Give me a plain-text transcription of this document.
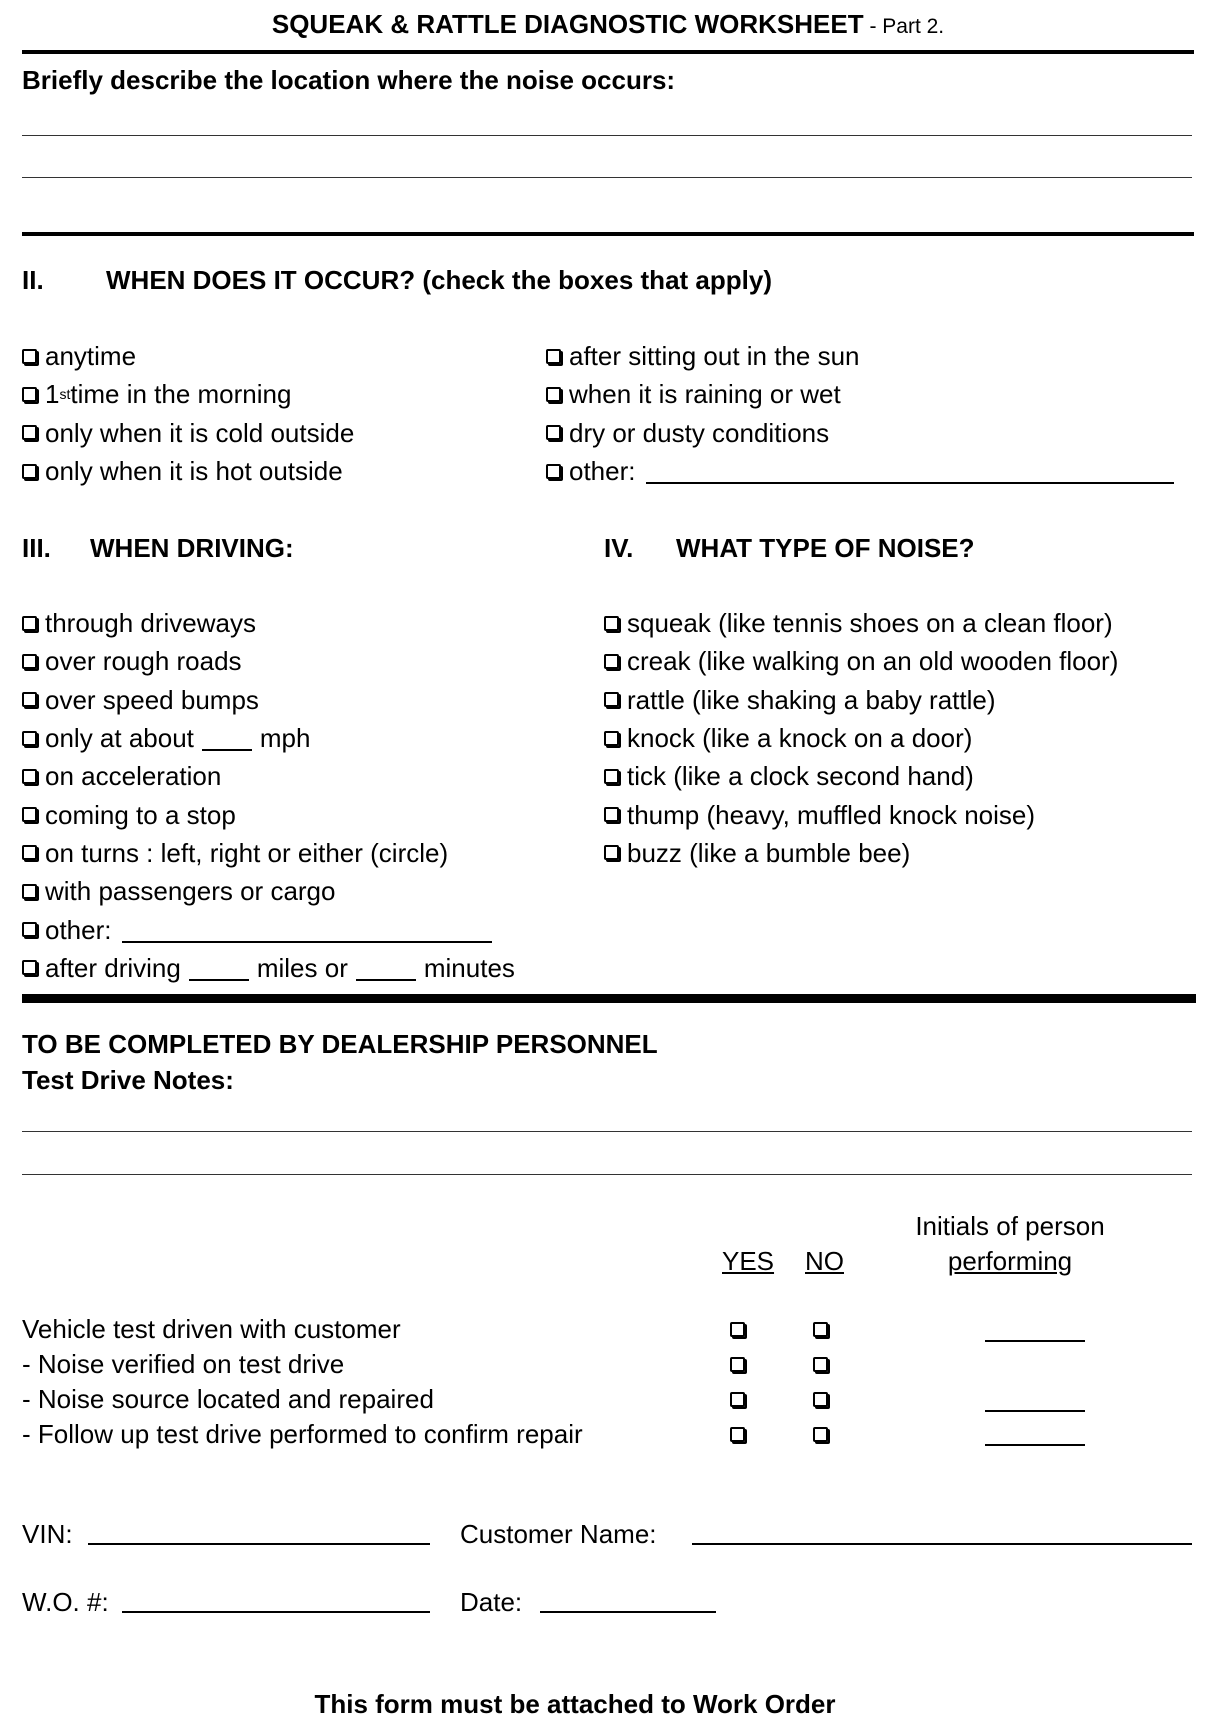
SQUEAK & RATTLE DIAGNOSTIC WORKSHEET - Part 2.
Briefly describe the location where the noise occurs:
II. WHEN DOES IT OCCUR? (check the boxes that apply)
anytime
1 st time in the morning
only when it is cold outside
only when it is hot outside
after sitting out in the sun
when it is raining or wet
dry or dusty conditions
other:
III. WHEN DRIVING:	IV. WHAT TYPE OF NOISE?
through driveways
over rough roads
over speed bumps
only at about	mph
on acceleration
coming to a stop
on turns : left, right or either (circle)
with passengers or cargo
other:
after driving	miles or	minutes
squeak (like tennis shoes on a clean floor)
creak (like walking on an old wooden floor)
rattle (like shaking a baby rattle)
knock (like a knock on a door)
tick (like a clock second hand)
thump (heavy, muffled knock noise)
buzz (like a bumble bee)
TO BE COMPLETED BY DEALERSHIP PERSONNEL
Test Drive Notes:
Initials of person
performing
YES NO
Vehicle test driven with customer
- Noise verified on test drive
- Noise source located and repaired
- Follow up test drive performed to confirm repair
VIN:	Customer Name:
W.O. #:	Date:
This form must be attached to Work Order
